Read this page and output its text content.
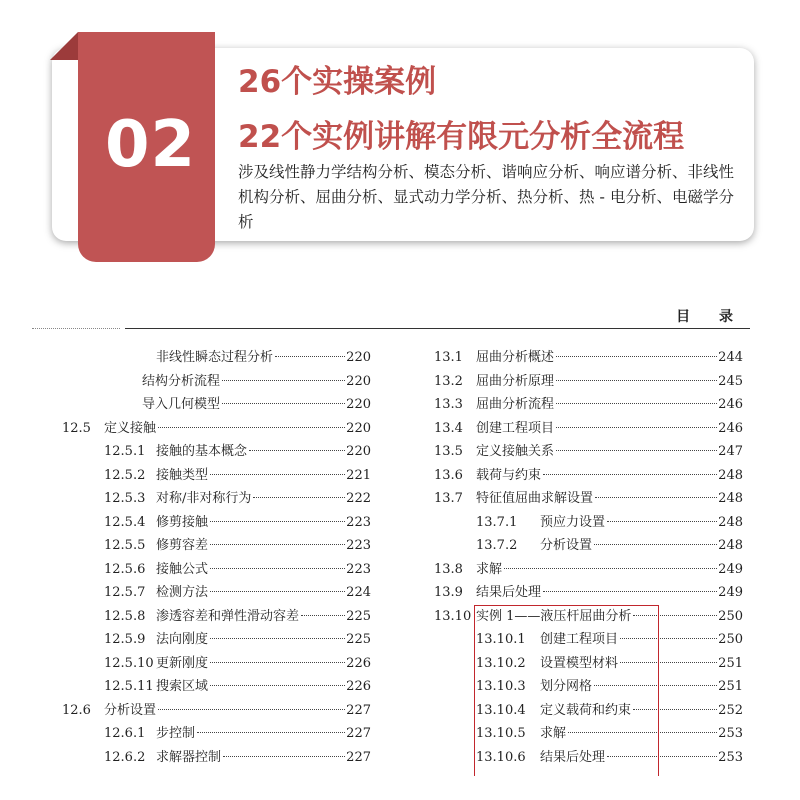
02
26个实操案例
22个实例讲解有限元分析全流程
涉及线性静力学结构分析、模态分析、谐响应分析、响应谱分析、非线性机构分析、屈曲分析、显式动力学分析、热分析、热 - 电分析、电磁学分析
目 录
非线性瞬态过程分析	220
结构分析流程	220
导入几何模型	220
12.5	定义接触	220
12.5.1 接触的基本概念	220
12.5.2 接触类型	221
12.5.3 对称/非对称行为	222
12.5.4 修剪接触	223
12.5.5 修剪容差	223
12.5.6 接触公式	223
12.5.7 检测方法	224
12.5.8 渗透容差和弹性滑动容差	225
12.5.9 法向刚度	225
12.5.10 更新刚度	226
12.5.11 搜索区域	226
12.6	分析设置	227
12.6.1 步控制	227
12.6.2 求解器控制	227
13.1	屈曲分析概述	244
13.2	屈曲分析原理	245
13.3	屈曲分析流程	246
13.4	创建工程项目	246
13.5	定义接触关系	247
13.6	载荷与约束	248
13.7	特征值屈曲求解设置	248
13.7.1	预应力设置	248
13.7.2	分析设置	248
13.8	求解	249
13.9	结果后处理	249
13.10 实例 1——液压杆屈曲分析	250
13.10.1	创建工程项目	250
13.10.2	设置模型材料	251
13.10.3	划分网格	251
13.10.4	定义载荷和约束	252
13.10.5	求解	253
13.10.6	结果后处理	253
